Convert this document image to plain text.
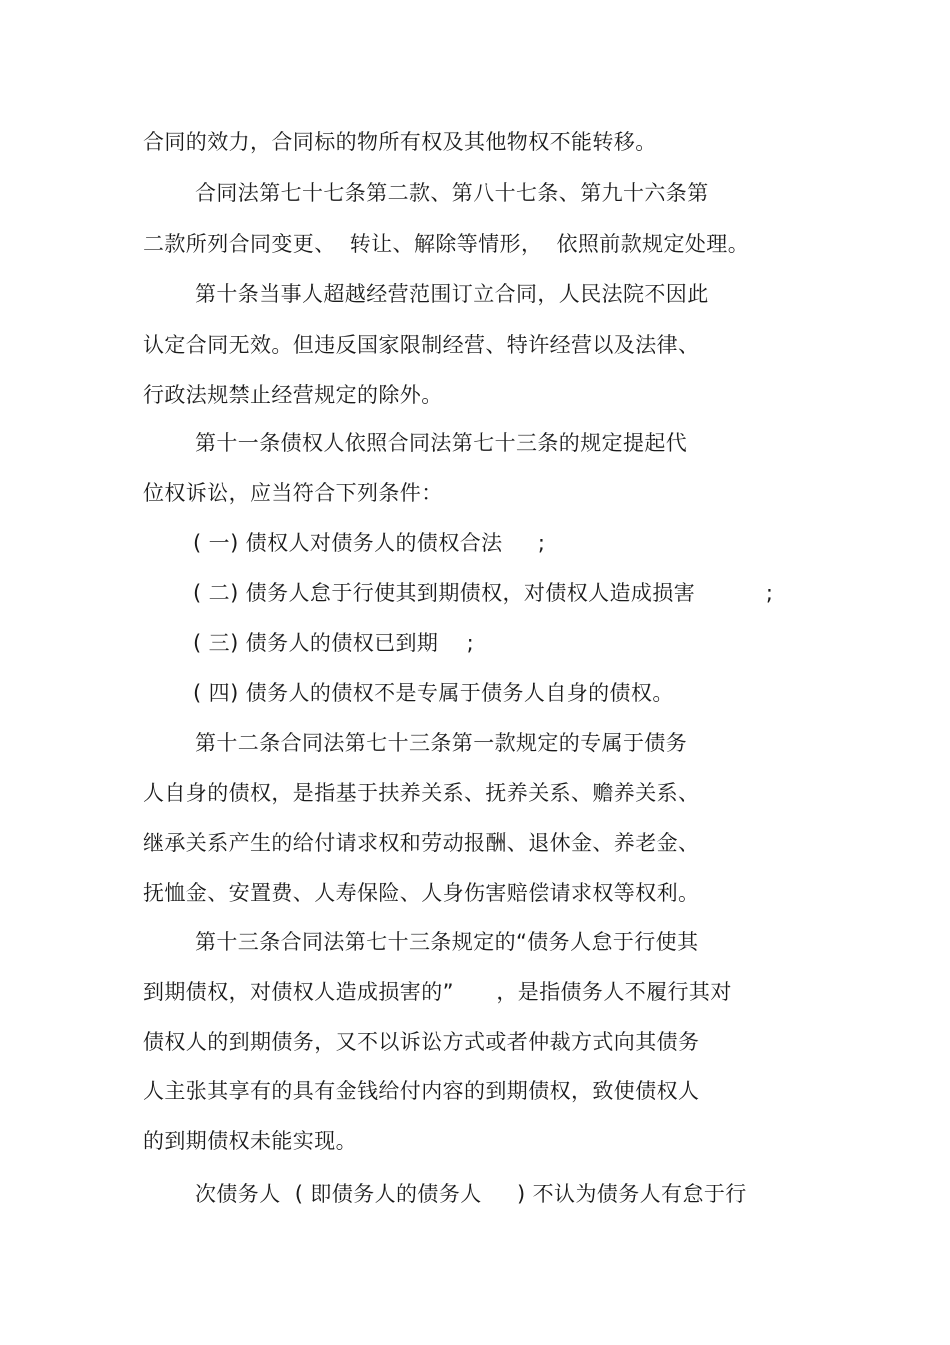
合同的效力，合同标的物所有权及其他物权不能转移。
合同法第七十七条第二款、第八十七条、第九十六条第
二款所列合同变更、  转让、解除等情形，  依照前款规定处理。
第十条当事人超越经营范围订立合同，人民法院不因此
认定合同无效。但违反国家限制经营、特许经营以及法律、
行政法规禁止经营规定的除外。
第十一条债权人依照合同法第七十三条的规定提起代
位权诉讼，应当符合下列条件：
( 一) 债权人对债务人的债权合法     ;
( 二) 债务人怠于行使其到期债权，对债权人造成损害          ;
( 三) 债务人的债权已到期    ;
( 四) 债务人的债权不是专属于债务人自身的债权。
第十二条合同法第七十三条第一款规定的专属于债务
人自身的债权，是指基于扶养关系、抚养关系、赡养关系、
继承关系产生的给付请求权和劳动报酬、退休金、养老金、
抚恤金、安置费、人寿保险、人身伤害赔偿请求权等权利。
第十三条合同法第七十三条规定的“债务人怠于行使其
到期债权，对债权人造成损害的”      ，是指债务人不履行其对
债权人的到期债务，又不以诉讼方式或者仲裁方式向其债务
人主张其享有的具有金钱给付内容的到期债权，致使债权人
的到期债权未能实现。
次债务人  ( 即债务人的债务人     ) 不认为债务人有怠于行
